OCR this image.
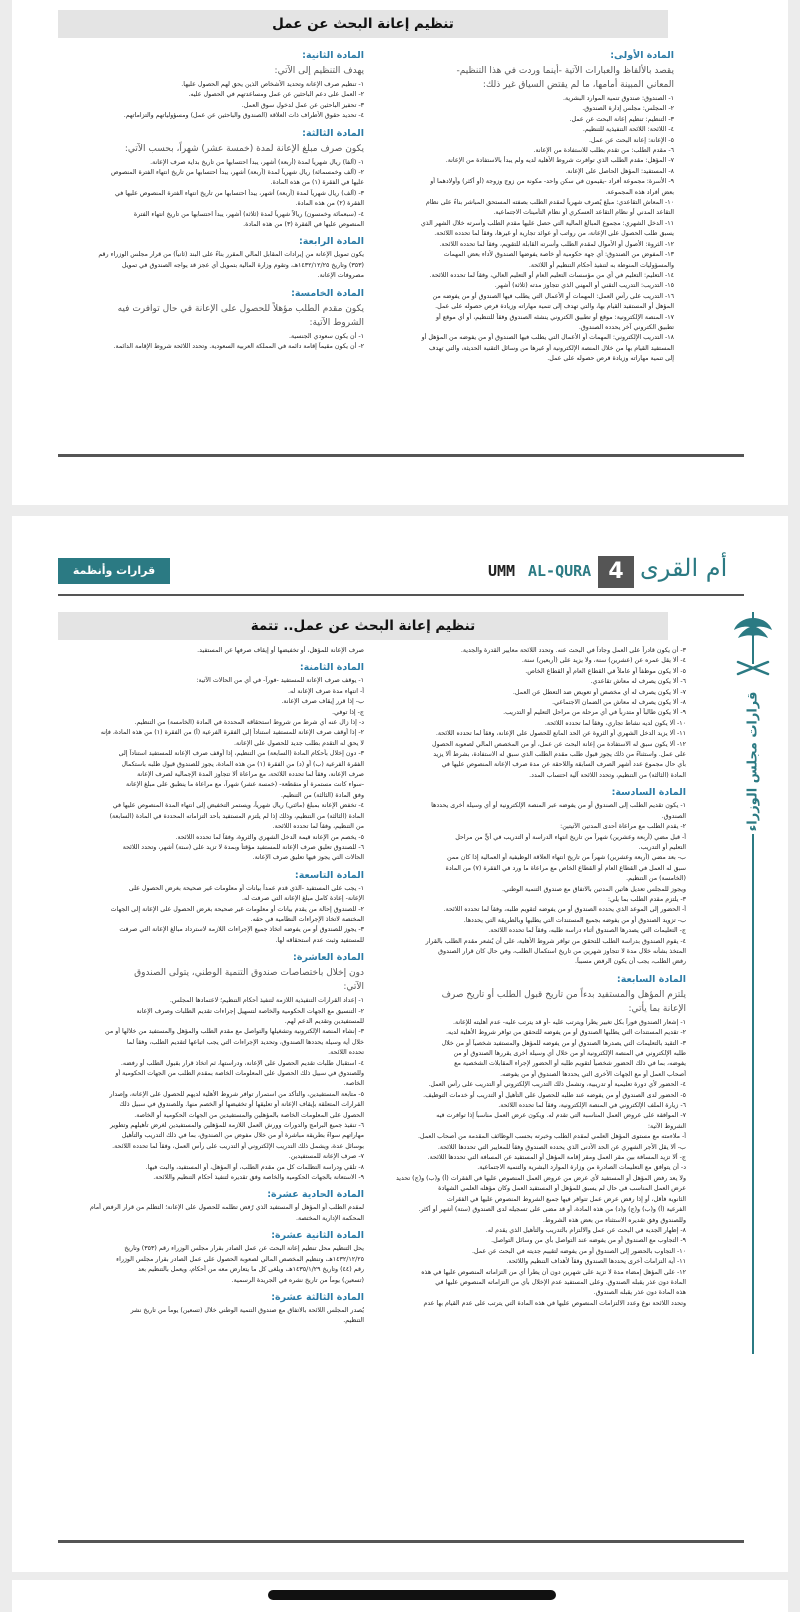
تنظيم إعانة البحث عن عمل
المادة الأولى:
يقصد بالألفاظ والعبارات الآتية -أينما وردت في هذا التنظيم-
المعاني المبينة أمامها، ما لم يقتض السياق غير ذلك:
١- الصندوق: صندوق تنمية الموارد البشرية.
٢- المجلس: مجلس إدارة الصندوق.
٣- التنظيم: تنظيم إعانة البحث عن عمل.
٤- اللائحة: اللائحة التنفيذية للتنظيم.
٥- الإعانة: إعانة البحث عن عمل.
٦- مقدم الطلب: من تقدم بطلب للاستفادة من الإعانة.
٧- المؤهل: مقدم الطلب الذي توافرت شروط الأهلية لديه ولم يبدأ بالاستفادة من الإعانة.
٨- المستفيد: المؤهل الحاصل على الإعانة.
٩- الأسرة: مجموعة أفراد -يقيمون في سكن واحد- مكونة من زوج وزوجة (أو أكثر) وأولادهما أو
بعض أفراد هذه المجموعة.
١٠- المعاش التقاعدي: مبلغ يُصرف شهرياً لمقدم الطلب بصفته المستحق المباشر بناءً على نظام
التقاعد المدني أو نظام التقاعد العسكري أو نظام التأمينات الاجتماعية.
١١- الدخل الشهري: مجموع المبالغ المالية التي حصل عليها مقدم الطلب وأسرته خلال الشهر الذي
يسبق طلب الحصول على الإعانة، من رواتب أو عوائد تجارية أو غيرها، وفقاً لما تحدده اللائحة.
١٢- الثروة: الأصول أو الأموال لمقدم الطلب وأسرته القابلة للتقويم، وفقاً لما تحدده اللائحة.
١٣- المفوض من الصندوق: أي جهة حكومية أو خاصة يفوضها الصندوق لأداء بعض المهمات
والمسؤوليات المنوطة به لتنفيذ أحكام التنظيم أو اللائحة.
١٤- التعليم: التعليم في أي من مؤسسات التعليم العام أو التعليم العالي، وفقاً لما تحدده اللائحة.
١٥- التدريب: التدريب التقني أو المهني الذي تتجاوز مدته (ثلاثة) أشهر.
١٦- التدريب على رأس العمل: المهمات أو الأعمال التي يطلب فيها الصندوق أو من يفوضه من
المؤهل أو المستفيد القيام بها، والتي تهدف إلى تنمية مهاراته وزيادة فرص حصوله على عمل.
١٧- المنصة الإلكترونية: موقع أو تطبيق الكتروني ينشئه الصندوق وفقاً للتنظيم، أو أي موقع أو
تطبيق الكتروني آخر يحدده الصندوق.
١٨- التدريب الإلكتروني: المهمات أو الأعمال التي يطلب فيها الصندوق أو من يفوضه من المؤهل أو
المستفيد القيام بها من خلال المنصة الإلكترونية أو غيرها من وسائل التقنية الحديثة، والتي تهدف
إلى تنمية مهاراته وزيادة فرص حصوله على عمل.
المادة الثانية:
يهدف التنظيم إلى الآتي:
١- تنظيم صرف الإعانة وتحديد الأشخاص الذين يحق لهم الحصول عليها.
٢- العمل على دعم الباحثين عن عمل ومساعدتهم في الحصول عليه.
٣- تحفيز الباحثين عن عمل لدخول سوق العمل.
٤- تحديد حقوق الأطراف ذات العلاقة (الصندوق والباحثين عن عمل) ومسؤولياتهم والتزاماتهم.
المادة الثالثة:
يكون صرف مبلغ الإعانة لمدة (خمسة عشر) شهراً، بحسب الآتي:
١- (ألفا) ريال شهرياً لمدة (أربعة) أشهر، يبدأ احتسابها من تاريخ بداية صرف الإعانة.
٢- (ألف وخمسمائة) ريال شهرياً لمدة (أربعة) أشهر، يبدأ احتسابها من تاريخ انتهاء الفترة المنصوص
عليها في الفقرة (١) من هذه المادة.
٣- (ألف) ريال شهرياً لمدة (أربعة) أشهر، يبدأ احتسابها من تاريخ انتهاء الفترة المنصوص عليها في
الفقرة (٢) من هذه المادة.
٤- (سبعمائة وخمسون) ريالاً شهرياً لمدة (ثلاثة) أشهر، يبدأ احتسابها من تاريخ انتهاء الفترة
المنصوص عليها في الفقرة (٣) من هذه المادة.
المادة الرابعة:
يكون تمويل الإعانة من إيرادات المقابل المالي المقرر بناءً على البند (ثانياً) من قرار مجلس الوزراء رقم
(٣٥٣) وتاريخ ١٤٣٢/١٢/٢٥هـ، وتقوم وزارة المالية بتمويل أي عجز قد يواجه الصندوق في تمويل
مصروفات الإعانة.
المادة الخامسة:
يكون مقدم الطلب مؤهلاً للحصول على الإعانة في حال توافرت فيه
الشروط الآتية:
١- أن يكون سعودي الجنسية.
٢- أن يكون مقيماً إقامة دائمة في المملكة العربية السعودية. وتحدد اللائحة شروط الإقامة الدائمة.
قرارات وأنظمة	UMM AL-QURA 4 أم القرى
قرارات مجلس الوزراء
تنظيم إعانة البحث عن عمل.. تتمة
٣- أن يكون قادراً على العمل وجاداً في البحث عنه. وتحدد اللائحة معايير القدرة والجدية.
٤- ألا يقل عمره عن (عشرين) سنة، ولا يزيد على (أربعين) سنة.
٥- ألا يكون موظفاً أو عاملاً في القطاع العام أو القطاع الخاص.
٦- ألا يكون يصرف له معاش تقاعدي.
٧- ألا يكون يصرف له أي مخصص أو تعويض ضد التعطل عن العمل.
٨- ألا يكون يصرف له معاش من الضمان الاجتماعي.
٩- ألا يكون طالباً أو متدرباً في أي مرحلة من مراحل التعليم أو التدريب.
١٠- ألا يكون لديه نشاط تجاري، وفقاً لما تحدده اللائحة.
١١- ألا يزيد الدخل الشهري أو الثروة عن الحد المانع للحصول على الإعانة، وفقاً لما تحدده اللائحة.
١٢- ألا يكون سبق له الاستفادة من إعانة البحث عن عمل، أو من المخصص المالي لصعوبة الحصول
على عمل. واستثناءً من ذلك يجوز قبول طلب مقدم الطلب الذي سبق له الاستفادة، بشرط ألا يزيد
بأي حال مجموع عدد أشهر الصرف السابقة واللاحقة عن مدة صرف الإعانة المنصوص عليها في
المادة (الثالثة) من التنظيم، وتحدد اللائحة آلية احتساب المدد.
المادة السادسة:
١- يكون تقديم الطلب إلى الصندوق أو من يفوضه عبر المنصة الإلكترونية أو أي وسيلة أخرى يحددها
الصندوق.
٢- يقدم الطلب مع مراعاة أحدى المدتين الآتيتين:
أ- قبل مضي (أربعة وعشرين) شهراً من تاريخ انتهاء الدراسة أو التدريب في أيٍّ من مراحل
التعليم أو التدريب.
ب- بعد مضي (أربعة وعشرين) شهراً من تاريخ انتهاء العلاقة الوظيفية أو العمالية إذا كان ممن
سبق له العمل في القطاع العام أو القطاع الخاص مع مراعاة ما ورد في الفقرة (٧) من المادة
(الخامسة) من التنظيم.
ويجوز للمجلس تعديل هاتين المدتين بالاتفاق مع صندوق التنمية الوطني.
٣- يلتزم مقدم الطلب بما يلي:
أ- الحضور إلى الموعد الذي يحدده الصندوق أو من يفوضه لتقويم طلبه، وفقاً لما تحدده اللائحة.
ب- تزويد الصندوق أو من يفوضه بجميع المستندات التي يطلبها وبالطريقة التي يحددها.
ج- التعليمات التي يصدرها الصندوق أثناء دراسة طلبه، وفقاً لما تحدده اللائحة.
٤- يقوم الصندوق بدراسة الطلب للتحقق من توافر شروط الأهلية، على أن يُشعر مقدم الطلب بالقرار
المتخذ بشأنه خلال مدة لا تتجاوز شهرين من تاريخ استكمال الطلب، وفي حال كان قرار الصندوق
رفض الطلب، يجب أن يكون الرفض مسبباً.
المادة السابعة:
يلتزم المؤهل والمستفيد بدءاً من تاريخ قبول الطلب أو تاريخ صرف
الإعانة بما يأتي:
١- إشعار الصندوق فوراً بكل تغيير يطرأ ويترتب عليه -أو قد يترتب عليه- عدم أهليته للإعانة.
٢- تقديم المستندات التي يطلبها الصندوق أو من يفوضه للتحقق من توافر شروط الأهلية لديه.
٣- التقيد بالتعليمات التي يصدرها الصندوق أو من يفوضه للمؤهل والمستفيد شخصياً أو من خلال
طلبه الإلكتروني في المنصة الإلكترونية أو من خلال أي وسيلة أخرى يقررها الصندوق أو من
يفوضه، بما في ذلك الحضور شخصياً لتقويم طلبه أو الحضور لإجراء المقابلات الشخصية مع
أصحاب العمل أو مع الجهات الأخرى التي يحددها الصندوق أو من يفوضه.
٤- الحضور لأي دورة تعليمية أو تدريبية، وتشمل ذلك التدريب الإلكتروني أو التدريب على رأس العمل.
٥- الحضور لدى الصندوق أو من يفوضه عند طلبه للحصول على التأهيل أو التدريب أو خدمات التوظيف.
٦- زيارة الملف الإلكتروني في المنصة الإلكترونية، وفقاً لما تحدده اللائحة.
٧- الموافقة على عروض العمل المناسبة التي تقدم له. ويكون عرض العمل مناسباً إذا توافرت فيه
الشروط الآتية:
أ- ملاءمته مع مستوى المؤهل العلمي لمقدم الطلب وخبرته بحسب الوظائف المقدمة من أصحاب العمل.
ب- ألا يقل الأجر الشهري عن الحد الأدنى الذي يحدده الصندوق وفقاً للمعايير التي تحددها اللائحة.
ج- ألا تزيد المسافة بين مقر العمل ومقر إقامة المؤهل أو المستفيد عن المسافة التي تحددها اللائحة.
د- أن يتوافق مع التعليمات الصادرة من وزارة الموارد البشرية والتنمية الاجتماعية.
ولا يعد رفض المؤهل أو المستفيد لأي عرض من عروض العمل المنصوص عليها في الفقرات (أ) و(ب) و(ج) تحديد
عرض العمل المناسب في حال لم يسبق للمؤهل أو المستفيد العمل وكان مؤهله العلمي الشهادة
الثانوية فأقل، أو إذا رفض عرض عمل تتوافر فيها جميع الشروط المنصوص عليها في الفقرات
الفرعية (أ) و(ب) و(ج) و(د) من هذه المادة، أو قد مضى على تسجيله لدى الصندوق (ستة) أشهر أو أكثر.
وللصندوق وفق تقديره الاستثناء من بعض هذه الشروط.
٨- إظهار الجدية في البحث عن عمل والالتزام بالتدريب والتأهيل الذي يقدم له.
٩- التجاوب مع الصندوق أو من يفوضه عند التواصل بأي من وسائل التواصل.
١٠- التجاوب بالحضور إلى الصندوق أو من يفوضه لتقييم جديته في البحث عن عمل.
١١- أية التزامات أخرى يحددها الصندوق وفقاً لأهداف التنظيم واللائحة.
١٢- على المؤهل إمضاء مدة لا تزيد على شهرين دون أن يطرأ أي من التزاماته المنصوص عليها في هذه
المادة دون عذر يقبله الصندوق. وعلى المستفيد عدم الإخلال بأي من التزاماته المنصوص عليها في
هذه المادة دون عذر يقبله الصندوق.
وتحدد اللائحة نوع وعدد الالتزامات المنصوص عليها في هذه المادة التي يترتب على عدم القيام بها عدم
صرف الإعانة للمؤهل، أو تخفيضها أو إيقاف صرفها عن المستفيد.
المادة الثامنة:
١- يوقف صرف الإعانة للمستفيد -فوراً- في أي من الحالات الآتية:
أ- انتهاء مدة صرف الإعانة له.
ب- إذا قرر إيقاف صرف الإعانة.
ج- إذا توفي.
د- إذا زال عنه أي شرط من شروط استحقاقه المحددة في المادة (الخامسة) من التنظيم.
٢- إذا أوقف صرف الإعانة للمستفيد استناداً إلى الفقرة الفرعية (أ) من الفقرة (١) من هذه المادة، فإنه
لا يحق له التقدم بطلب جديد للحصول على الإعانة.
٣- دون إخلال بأحكام المادة (السابعة) من التنظيم، إذا أوقف صرف الإعانة للمستفيد استناداً إلى
الفقرة الفرعية (ب) أو (د) من الفقرة (١) من هذه المادة، يجوز للصندوق قبول طلبه باستكمال
صرف الإعانة، وفقاً لما تحدده اللائحة، مع مراعاة ألا تتجاوز المدة الإجمالية لصرف الإعانة
-سواء كانت مستمرة أو منقطعة- (خمسة عشر) شهراً، مع مراعاة ما ينطبق على مبلغ الإعانة
وفق المادة (الثالثة) من التنظيم.
٤- تخفض الإعانة بمبلغ (مائتي) ريال شهرياً، ويستمر التخفيض إلى انتهاء المدة المنصوص عليها في
المادة (الثالثة) من التنظيم، وذلك إذا لم يلتزم المستفيد بأحد التزاماته المحددة في المادة (السابعة)
من التنظيم، وفقاً لما تحدده اللائحة.
٥- يخصم من الإعانة قيمة الدخل الشهري والثروة، وفقاً لما تحدده اللائحة.
٦- للصندوق تعليق صرف الإعانة للمستفيد مؤقتاً وبمدة لا تزيد على (ستة) أشهر، وتحدد اللائحة
الحالات التي يجوز فيها تعليق صرف الإعانة.
المادة التاسعة:
١- يجب على المستفيد -الذي قدم عمداً بيانات أو معلومات غير صحيحة بغرض الحصول على
الإعانة- إعادة كامل مبلغ الإعانة التي صرفت له.
٢- للصندوق إحالة من يقدم بيانات أو معلومات غير صحيحة بغرض الحصول على الإعانة إلى الجهات
المختصة لاتخاذ الإجراءات النظامية في حقه.
٣- يجوز للصندوق أو من يفوضه اتخاذ جميع الإجراءات اللازمة لاسترداد مبالغ الإعانة التي صرفت
للمستفيد وثبت عدم استحقاقه لها.
المادة العاشرة:
دون إخلال باختصاصات صندوق التنمية الوطني، يتولى الصندوق
الآتي:
١- إعداد القرارات التنفيذية اللازمة لتنفيذ أحكام التنظيم؛ لاعتمادها المجلس.
٢- التنسيق مع الجهات الحكومية والخاصة لتسهيل إجراءات تقديم الطلبات وصرف الإعانة
للمستفيدين وتقديم الدعم لهم.
٣- إنشاء المنصة الإلكترونية وتشغيلها والتواصل مع مقدم الطلب والمؤهل والمستفيد من خلالها أو من
خلال أية وسيلة يحددها الصندوق، وتحديد الإجراءات التي يجب اتباعها لتقديم الطلب، وفقاً لما
تحدده اللائحة.
٤- استقبال طلبات تقديم الحصول على الإعانة، ودراستها، ثم اتخاذ قرار بقبول الطلب أو رفضه.
وللصندوق في سبيل ذلك الحصول على المعلومات الخاصة بمقدم الطلب من الجهات الحكومية أو
الخاصة.
٥- متابعة المستفيدين، والتأكد من استمرار توافر شروط الأهلية لديهم للحصول على الإعانة، وإصدار
القرارات المتعلقة بإيقاف الإعانة أو تعليقها أو تخفيضها أو الخصم منها. وللصندوق في سبيل ذلك
الحصول على المعلومات الخاصة بالمؤهلين والمستفيدين من الجهات الحكومية أو الخاصة.
٦- تنفيذ جميع البرامج والدورات وورش العمل اللازمة للمؤهلين والمستفيدين لغرض تأهيلهم وتطوير
مهاراتهم سواءً بطريقة مباشرة أو من خلال مفوض من الصندوق، بما في ذلك التدريب والتأهيل
بوسائل عدة، ويشمل ذلك التدريب الإلكتروني أو التدريب على رأس العمل، وفقاً لما تحدده اللائحة.
٧- صرف الإعانة للمستفيدين.
٨- تلقي ودراسة التظلمات كل من مقدم الطلب، أو المؤهل، أو المستفيد، والبت فيها.
٩- الاستعانة بالجهات الحكومية والخاصة وفق تقديره لتنفيذ أحكام التنظيم واللائحة.
المادة الحادية عشرة:
لمقدم الطلب أو المؤهل أو المستفيد الذي رُفض تظلمه للحصول على الإعانة؛ التظلم من قرار الرفض أمام
المحكمة الإدارية المختصة.
المادة الثانية عشرة:
يحل التنظيم محل تنظيم إعانة البحث عن عمل الصادر بقرار مجلس الوزراء رقم (٣٥٣) وتاريخ
١٤٣٢/١٢/٢٥هـ، وتنظيم المخصص المالي لصعوبة الحصول على عمل الصادر بقرار مجلس الوزراء
رقم (٤٤) وتاريخ ١٤٣٥/١/٢٩هـ، ويلغى كل ما يتعارض معه من أحكام، ويعمل بالتنظيم بعد
(تسعين) يوماً من تاريخ نشره في الجريدة الرسمية.
المادة الثالثة عشرة:
يُصدر المجلس اللائحة بالاتفاق مع صندوق التنمية الوطني خلال (تسعين) يوماً من تاريخ نشر
التنظيم.
